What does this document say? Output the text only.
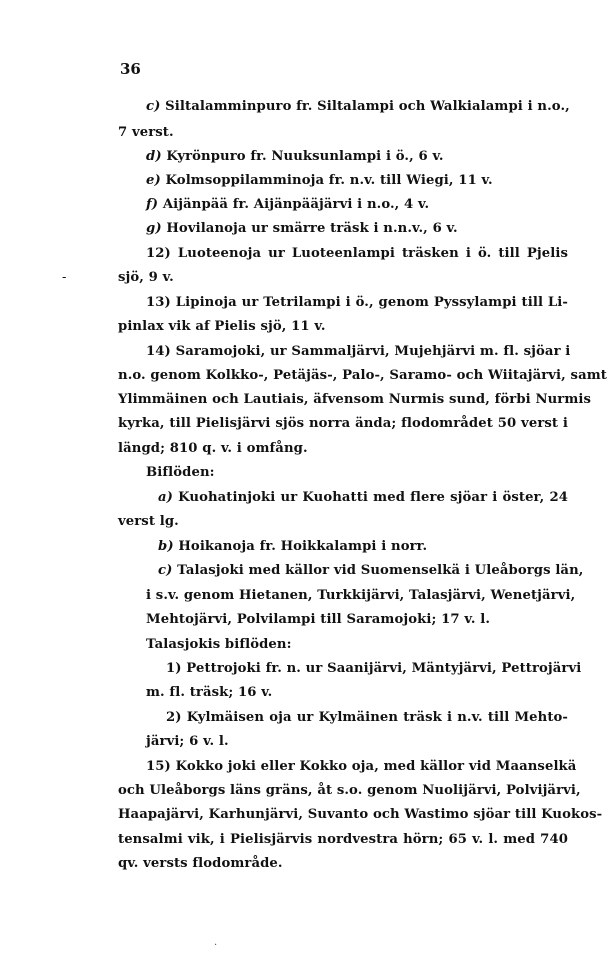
36
-
c) Siltalamminpuro fr. Siltalampi och Walkialampi i n.o.,
7 verst.
d) Kyrönpuro fr. Nuuksunlampi i ö., 6 v.
e) Kolmsoppilamminoja fr. n.v. till Wiegi, 11 v.
f) Aijänpää fr. Aijänpääjärvi i n.o., 4 v.
g) Hovilanoja ur smärre träsk i n.n.v., 6 v.
12) Luoteenoja ur Luoteenlampi träsken i ö. till Pjelis
sjö, 9 v.
13) Lipinoja ur Tetrilampi i ö., genom Pyssylampi till Li-
pinlax vik af Pielis sjö, 11 v.
14) Saramojoki, ur Sammaljärvi, Mujehjärvi m. fl. sjöar i
n.o. genom Kolkko-, Petäjäs-, Palo-, Saramo- och Wiitajärvi, samt
Ylimmäinen och Lautiais, äfvensom Nurmis sund, förbi Nurmis
kyrka, till Pielisjärvi sjös norra ända; flodområdet 50 verst i
längd; 810 q. v. i omfång.
Biflöden:
a) Kuohatinjoki ur Kuohatti med flere sjöar i öster, 24
verst lg.
b) Hoikanoja fr. Hoikkalampi i norr.
c) Talasjoki med källor vid Suomenselkä i Uleåborgs län,
i s.v. genom Hietanen, Turkkijärvi, Talasjärvi, Wenetjärvi,
Mehtojärvi, Polvilampi till Saramojoki; 17 v. l.
Talasjokis biflöden:
1) Pettrojoki fr. n. ur Saanijärvi, Mäntyjärvi, Pettrojärvi
m. fl. träsk; 16 v.
2) Kylmäisen oja ur Kylmäinen träsk i n.v. till Mehto-
järvi; 6 v. l.
15) Kokko joki eller Kokko oja, med källor vid Maanselkä
och Uleåborgs läns gräns, åt s.o. genom Nuolijärvi, Polvijärvi,
Haapajärvi, Karhunjärvi, Suvanto och Wastimo sjöar till Kuokos-
tensalmi vik, i Pielisjärvis nordvestra hörn; 65 v. l. med 740
qv. versts flodområde.
·
